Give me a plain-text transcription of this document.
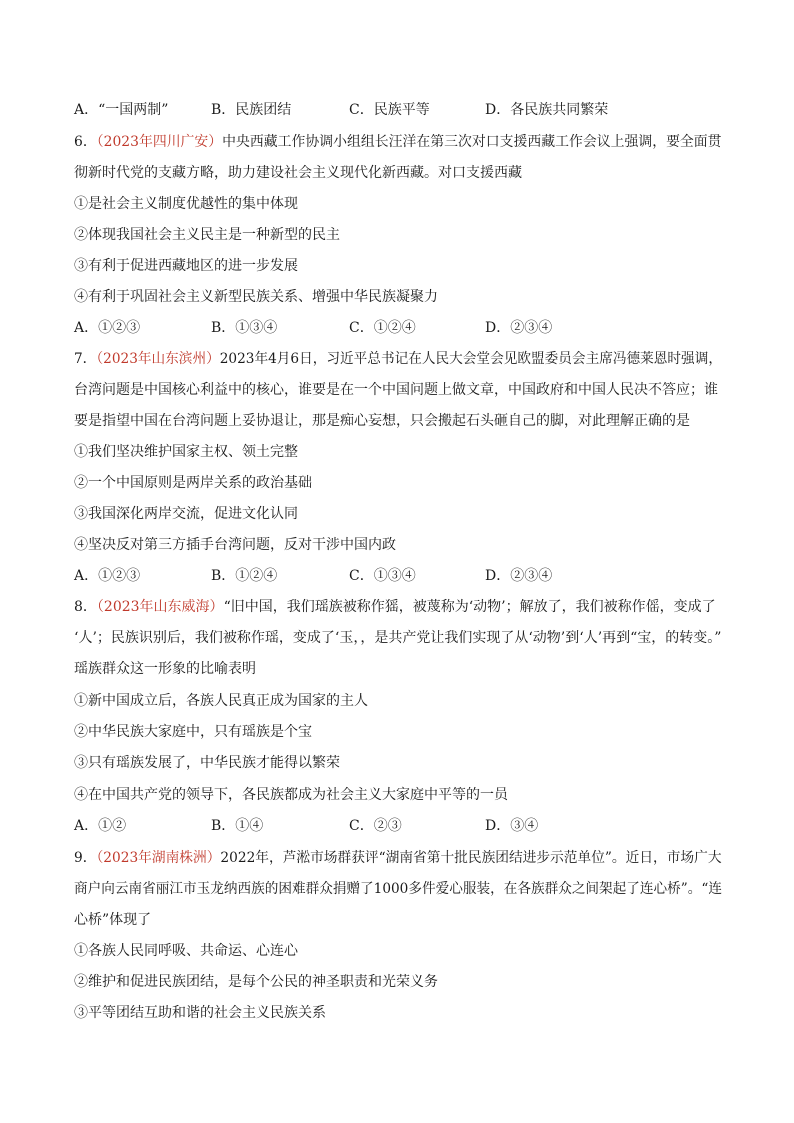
A．“一国两制”	B．民族团结	C．民族平等	D．各民族共同繁荣
6．（2023年四川广安）中央西藏工作协调小组组长汪洋在第三次对口支援西藏工作会议上强调，要全面贯
彻新时代党的支藏方略，助力建设社会主义现代化新西藏。对口支援西藏
①是社会主义制度优越性的集中体现
②体现我国社会主义民主是一种新型的民主
③有利于促进西藏地区的进一步发展
④有利于巩固社会主义新型民族关系、增强中华民族凝聚力
A．①②③	B．①③④	C．①②④	D．②③④
7．（2023年山东滨州）2023年4月6日，习近平总书记在人民大会堂会见欧盟委员会主席冯德莱恩时强调，
台湾问题是中国核心利益中的核心，谁要是在一个中国问题上做文章，中国政府和中国人民决不答应；谁
要是指望中国在台湾问题上妥协退让，那是痴心妄想，只会搬起石头砸自己的脚，对此理解正确的是
①我们坚决维护国家主权、领土完整
②一个中国原则是两岸关系的政治基础
③我国深化两岸交流，促进文化认同
④坚决反对第三方插手台湾问题，反对干涉中国内政
A．①②③	B．①②④	C．①③④	D．②③④
8．（2023年山东威海）“旧中国，我们瑶族被称作猺，被蔑称为‘动物’；解放了，我们被称作傜，变成了
‘人’；民族识别后，我们被称作瑶，变成了‘玉，，是共产党让我们实现了从‘动物’到‘人’再到“宝，的转变。”
瑶族群众这一形象的比喻表明
①新中国成立后，各族人民真正成为国家的主人
②中华民族大家庭中，只有瑶族是个宝
③只有瑶族发展了，中华民族才能得以繁荣
④在中国共产党的领导下，各民族都成为社会主义大家庭中平等的一员
A．①②	B．①④	C．②③	D．③④
9．（2023年湖南株洲）2022年，芦淞市场群获评“湖南省第十批民族团结进步示范单位”。近日，市场广大
商户向云南省丽江市玉龙纳西族的困难群众捐赠了1000多件爱心服装，在各族群众之间架起了连心桥”。“连
心桥”体现了
①各族人民同呼吸、共命运、心连心
②维护和促进民族团结，是每个公民的神圣职责和光荣义务
③平等团结互助和谐的社会主义民族关系
